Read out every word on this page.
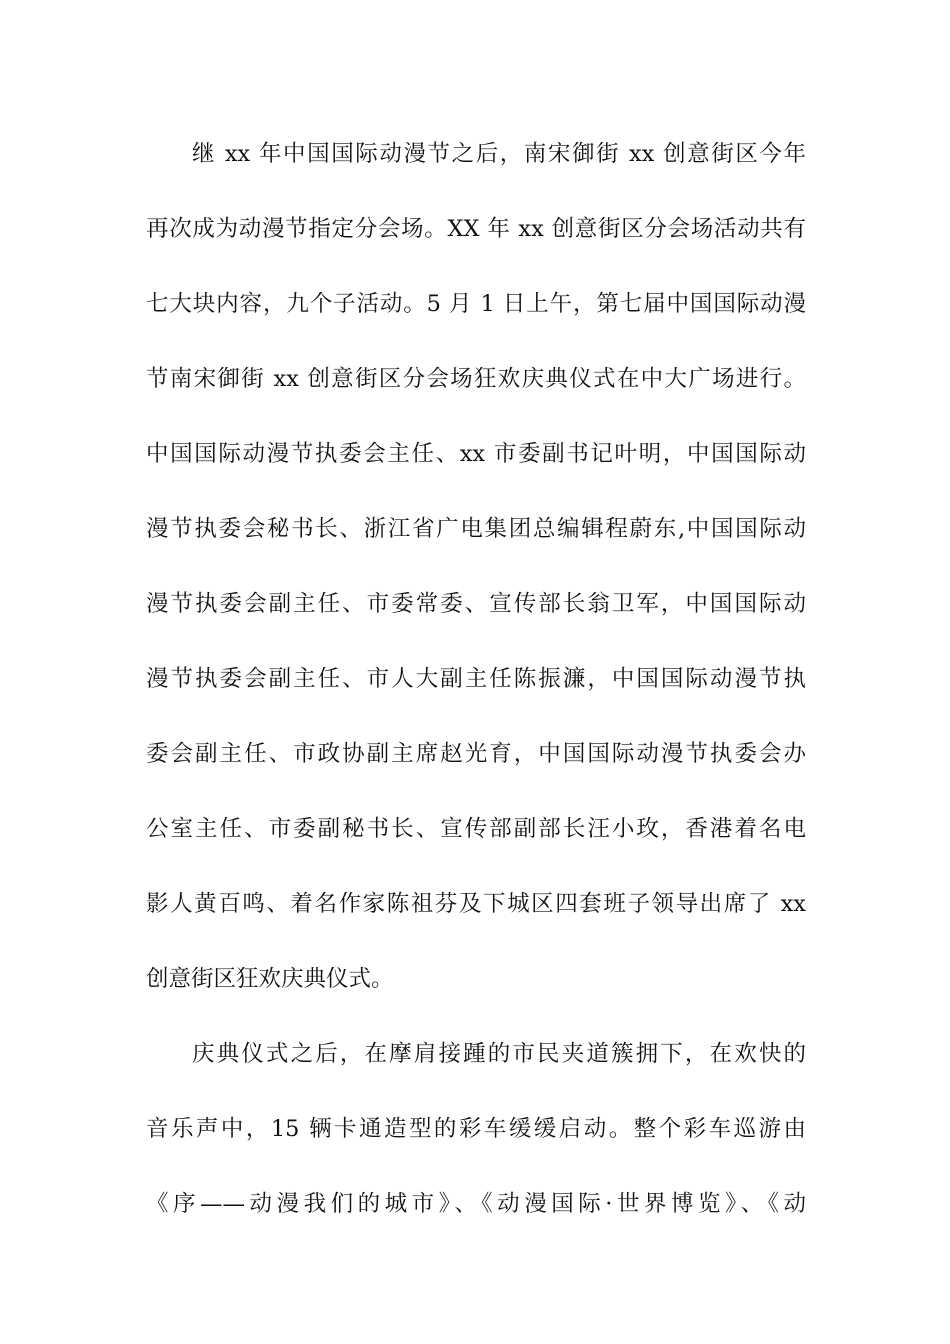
继 xx 年中国国际动漫节之后，南宋御街 xx 创意街区今年
再次成为动漫节指定分会场。XX 年 xx 创意街区分会场活动共有
七大块内容，九个子活动。5 月 1 日上午，第七届中国国际动漫
节南宋御街 xx 创意街区分会场狂欢庆典仪式在中大广场进行。
中国国际动漫节执委会主任、xx 市委副书记叶明，中国国际动
漫节执委会秘书长、浙江省广电集团总编辑程蔚东,中国国际动
漫节执委会副主任、市委常委、宣传部长翁卫军，中国国际动
漫节执委会副主任、市人大副主任陈振濂，中国国际动漫节执
委会副主任、市政协副主席赵光育，中国国际动漫节执委会办
公室主任、市委副秘书长、宣传部副部长汪小玫，香港着名电
影人黄百鸣、着名作家陈祖芬及下城区四套班子领导出席了 xx
创意街区狂欢庆典仪式。
庆典仪式之后，在摩肩接踵的市民夹道簇拥下，在欢快的
音乐声中，15 辆卡通造型的彩车缓缓启动。整个彩车巡游由
《序——动漫我们的城市》、《动漫国际·世界博览》、《动
